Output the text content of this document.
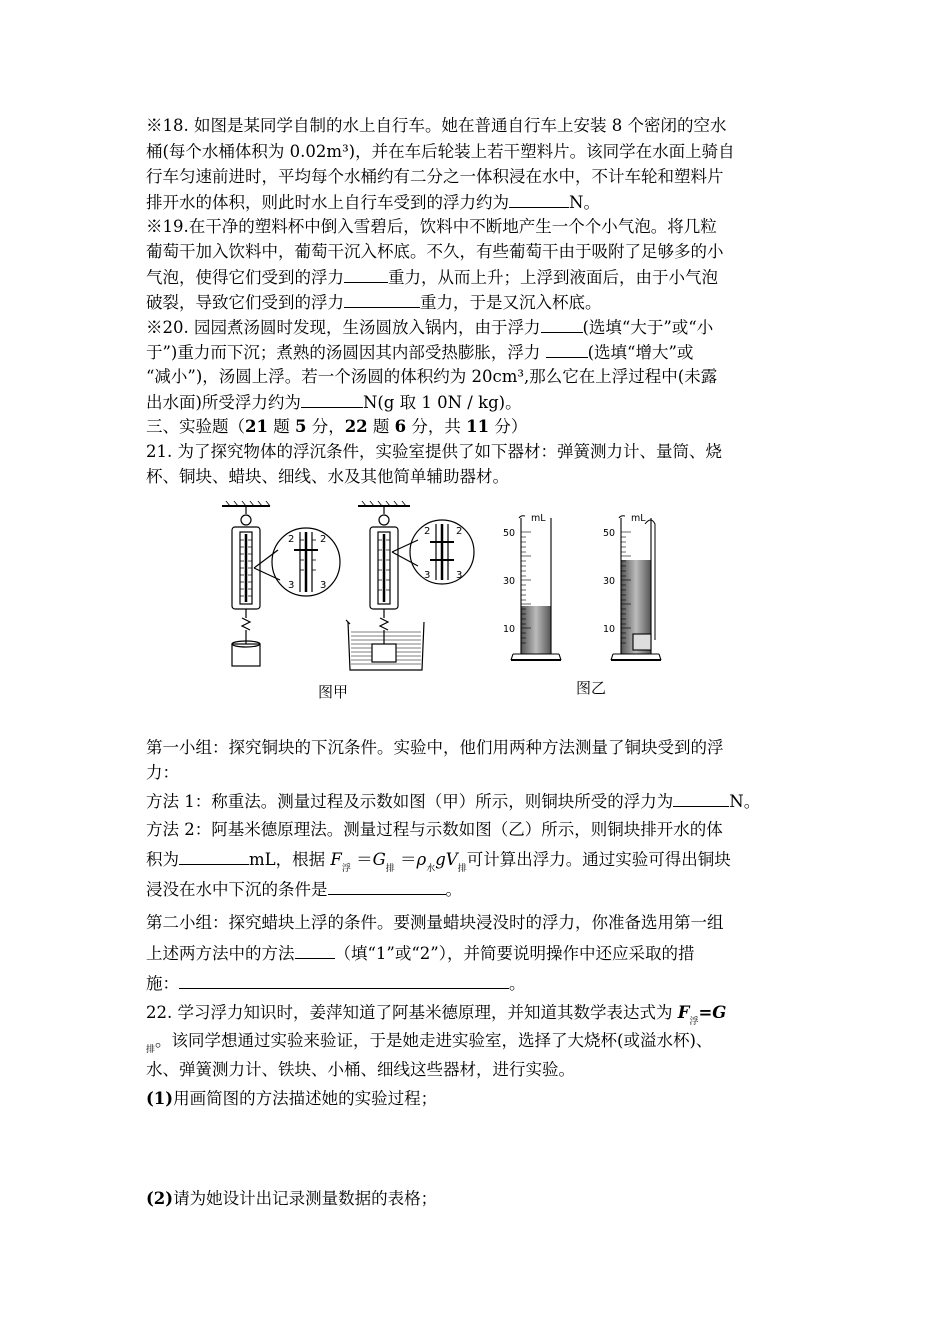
※18. 如图是某同学自制的水上自行车。她在普通自行车上安装 8 个密闭的空水
桶(每个水桶体积为 0.02m³)，并在车后轮装上若干塑料片。该同学在水面上骑自
行车匀速前进时，平均每个水桶约有二分之一体积浸在水中，不计车轮和塑料片
排开水的体积，则此时水上自行车受到的浮力约为	N。
※19.在干净的塑料杯中倒入雪碧后，饮料中不断地产生一个个小气泡。将几粒
葡萄干加入饮料中，葡萄干沉入杯底。不久，有些葡萄干由于吸附了足够多的小
气泡，使得它们受到的浮力	重力，从而上升；上浮到液面后，由于小气泡
破裂，导致它们受到的浮力	重力，于是又沉入杯底。
※20. 园园煮汤圆时发现，生汤圆放入锅内，由于浮力	(选填“大于”或“小
于”)重力而下沉；煮熟的汤圆因其内部受热膨胀，浮力	(选填“增大”或
“减小”)，汤圆上浮。若一个汤圆的体积约为 20cm³,那么它在上浮过程中(未露
出水面)所受浮力约为	N(g 取 1 0N / kg)。
三、实验题（21 题 5 分，22 题 6 分，共 11 分）
21. 为了探究物体的浮沉条件，实验室提供了如下器材：弹簧测力计、量筒、烧
杯、铜块、蜡块、细线、水及其他简单辅助器材。
2	2
3	3
2	2
3	3
图甲
mL	mL
50
30
10
50
30
10
图乙
第一小组：探究铜块的下沉条件。实验中，他们用两种方法测量了铜块受到的浮
力：
方法 1：称重法。测量过程及示数如图（甲）所示，则铜块所受的浮力为	N。
方法 2：阿基米德原理法。测量过程与示数如图（乙）所示，则铜块排开水的体
积为	mL，根据 $F_浮 =G_排 =\rho_水gV_排$可计算出浮力。通过实验可得出铜块
浸没在水中下沉的条件是	。
第二小组：探究蜡块上浮的条件。要测量蜡块浸没时的浮力，你准备选用第一组
上述两方法中的方法 （填“1”或“2”），并简要说明操作中还应采取的措
施：	。
22. 学习浮力知识时，姜萍知道了阿基米德原理，并知道其数学表达式为 $F_浮=G$
$_排$。该同学想通过实验来验证，于是她走进实验室，选择了大烧杯(或溢水杯)、
水、弹簧测力计、铁块、小桶、细线这些器材，进行实验。
(1)用画简图的方法描述她的实验过程；
(2)请为她设计出记录测量数据的表格；
